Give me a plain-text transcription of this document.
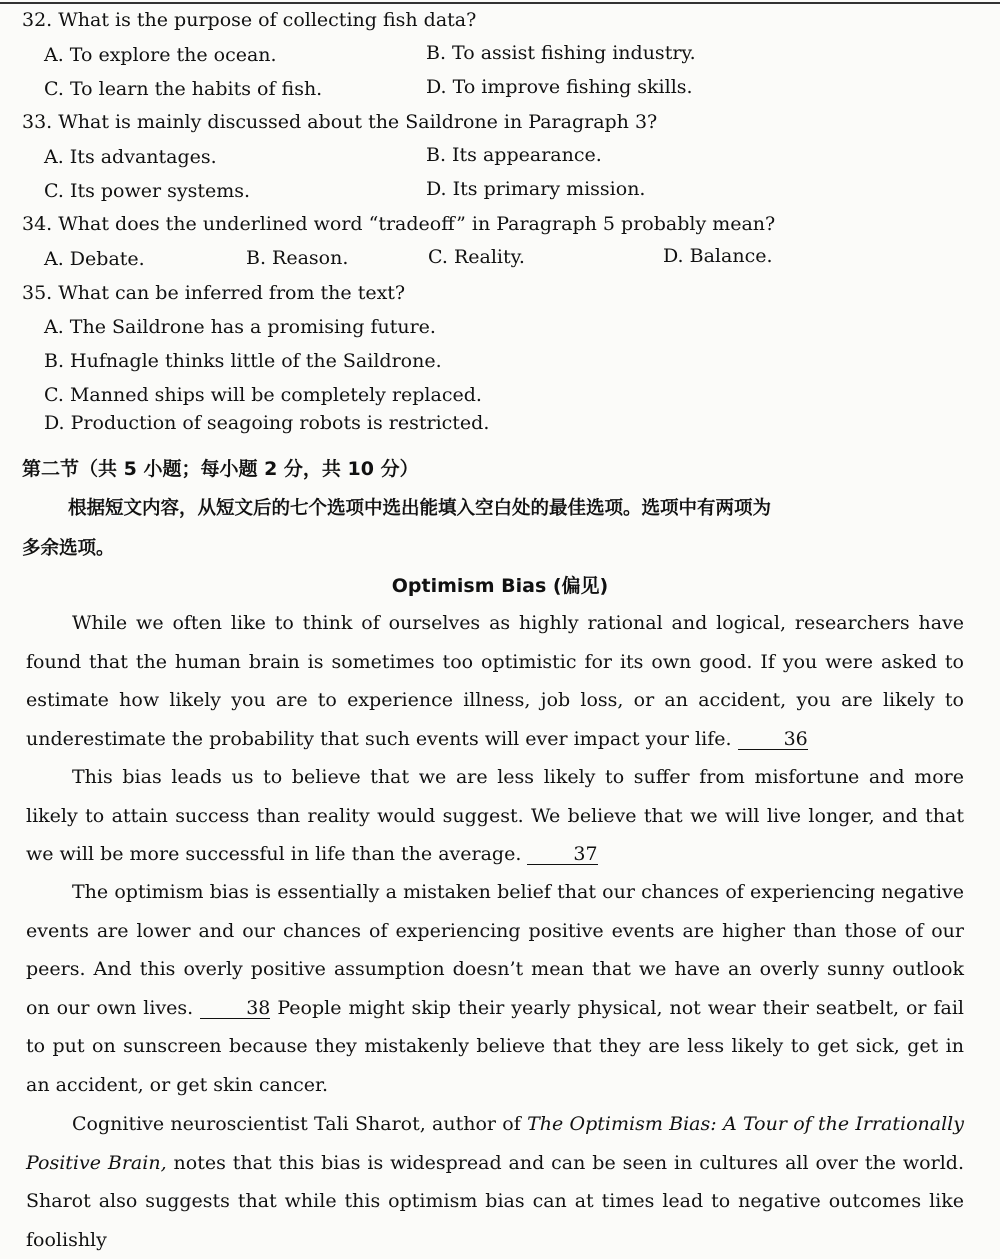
32. What is the purpose of collecting fish data?
A. To explore the ocean.	B. To assist fishing industry.
C. To learn the habits of fish.	D. To improve fishing skills.
33. What is mainly discussed about the Saildrone in Paragraph 3?
A. Its advantages.	B. Its appearance.
C. Its power systems.	D. Its primary mission.
34. What does the underlined word “tradeoff” in Paragraph 5 probably mean?
A. Debate.	B. Reason.	C. Reality.	D. Balance.
35. What can be inferred from the text?
A. The Saildrone has a promising future.
B. Hufnagle thinks little of the Saildrone.
C. Manned ships will be completely replaced.
D. Production of seagoing robots is restricted.
第二节（共 5 小题；每小题 2 分，共 10 分）
根据短文内容，从短文后的七个选项中选出能填入空白处的最佳选项。选项中有两项为
多余选项。
Optimism Bias (偏见)
While we often like to think of ourselves as highly rational and logical, researchers have found that the human brain is sometimes too optimistic for its own good. If you were asked to estimate how likely you are to experience illness, job loss, or an accident, you are likely to underestimate the probability that such events will ever impact your life.	36
This bias leads us to believe that we are less likely to suffer from misfortune and more likely to attain success than reality would suggest. We believe that we will live longer, and that we will be more successful in life than the average.	37
The optimism bias is essentially a mistaken belief that our chances of experiencing negative events are lower and our chances of experiencing positive events are higher than those of our peers. And this overly positive assumption doesn’t mean that we have an overly sunny outlook on our own lives.	38 People might skip their yearly physical, not wear their seatbelt, or fail to put on sunscreen because they mistakenly believe that they are less likely to get sick, get in an accident, or get skin cancer.
Cognitive neuroscientist Tali Sharot, author of The Optimism Bias: A Tour of the Irrationally Positive Brain, notes that this bias is widespread and can be seen in cultures all over the world. Sharot also suggests that while this optimism bias can at times lead to negative outcomes like foolishly
